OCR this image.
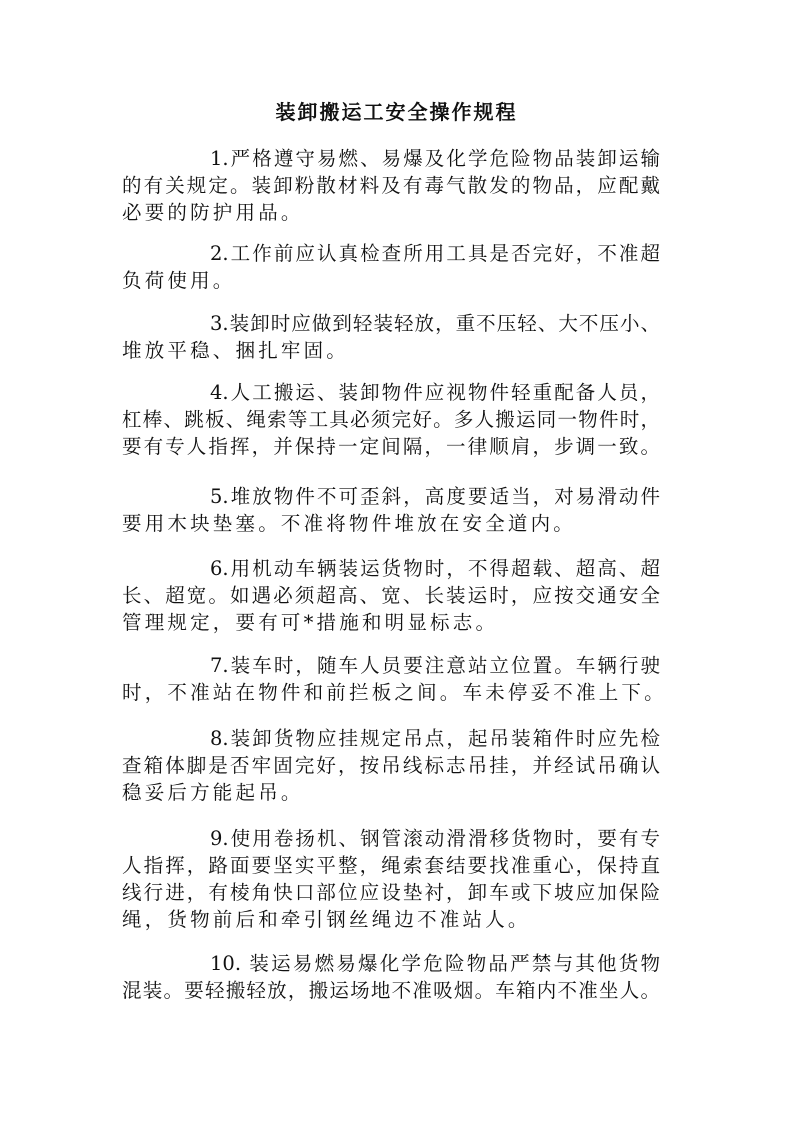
装卸搬运工安全操作规程
1.严格遵守易燃、易爆及化学危险物品装卸运输
的有关规定。装卸粉散材料及有毒气散发的物品，应配戴
必要的防护用品。
2.工作前应认真检查所用工具是否完好，不准超
负荷使用。
3.装卸时应做到轻装轻放，重不压轻、大不压小、
堆放平稳、捆扎牢固。
4.人工搬运、装卸物件应视物件轻重配备人员，
杠棒、跳板、绳索等工具必须完好。多人搬运同一物件时，
要有专人指挥，并保持一定间隔，一律顺肩，步调一致。
5.堆放物件不可歪斜，高度要适当，对易滑动件
要用木块垫塞。不准将物件堆放在安全道内。
6.用机动车辆装运货物时，不得超载、超高、超
长、超宽。如遇必须超高、宽、长装运时，应按交通安全
管理规定，要有可*措施和明显标志。
7.装车时，随车人员要注意站立位置。车辆行驶
时，不准站在物件和前拦板之间。车未停妥不准上下。
8.装卸货物应挂规定吊点，起吊装箱件时应先检
查箱体脚是否牢固完好，按吊线标志吊挂，并经试吊确认
稳妥后方能起吊。
9.使用卷扬机、钢管滚动滑滑移货物时，要有专
人指挥，路面要坚实平整，绳索套结要找准重心，保持直
线行进，有棱角快口部位应设垫衬，卸车或下坡应加保险
绳，货物前后和牵引钢丝绳边不准站人。
10. 装运易燃易爆化学危险物品严禁与其他货物
混装。要轻搬轻放，搬运场地不准吸烟。车箱内不准坐人。
